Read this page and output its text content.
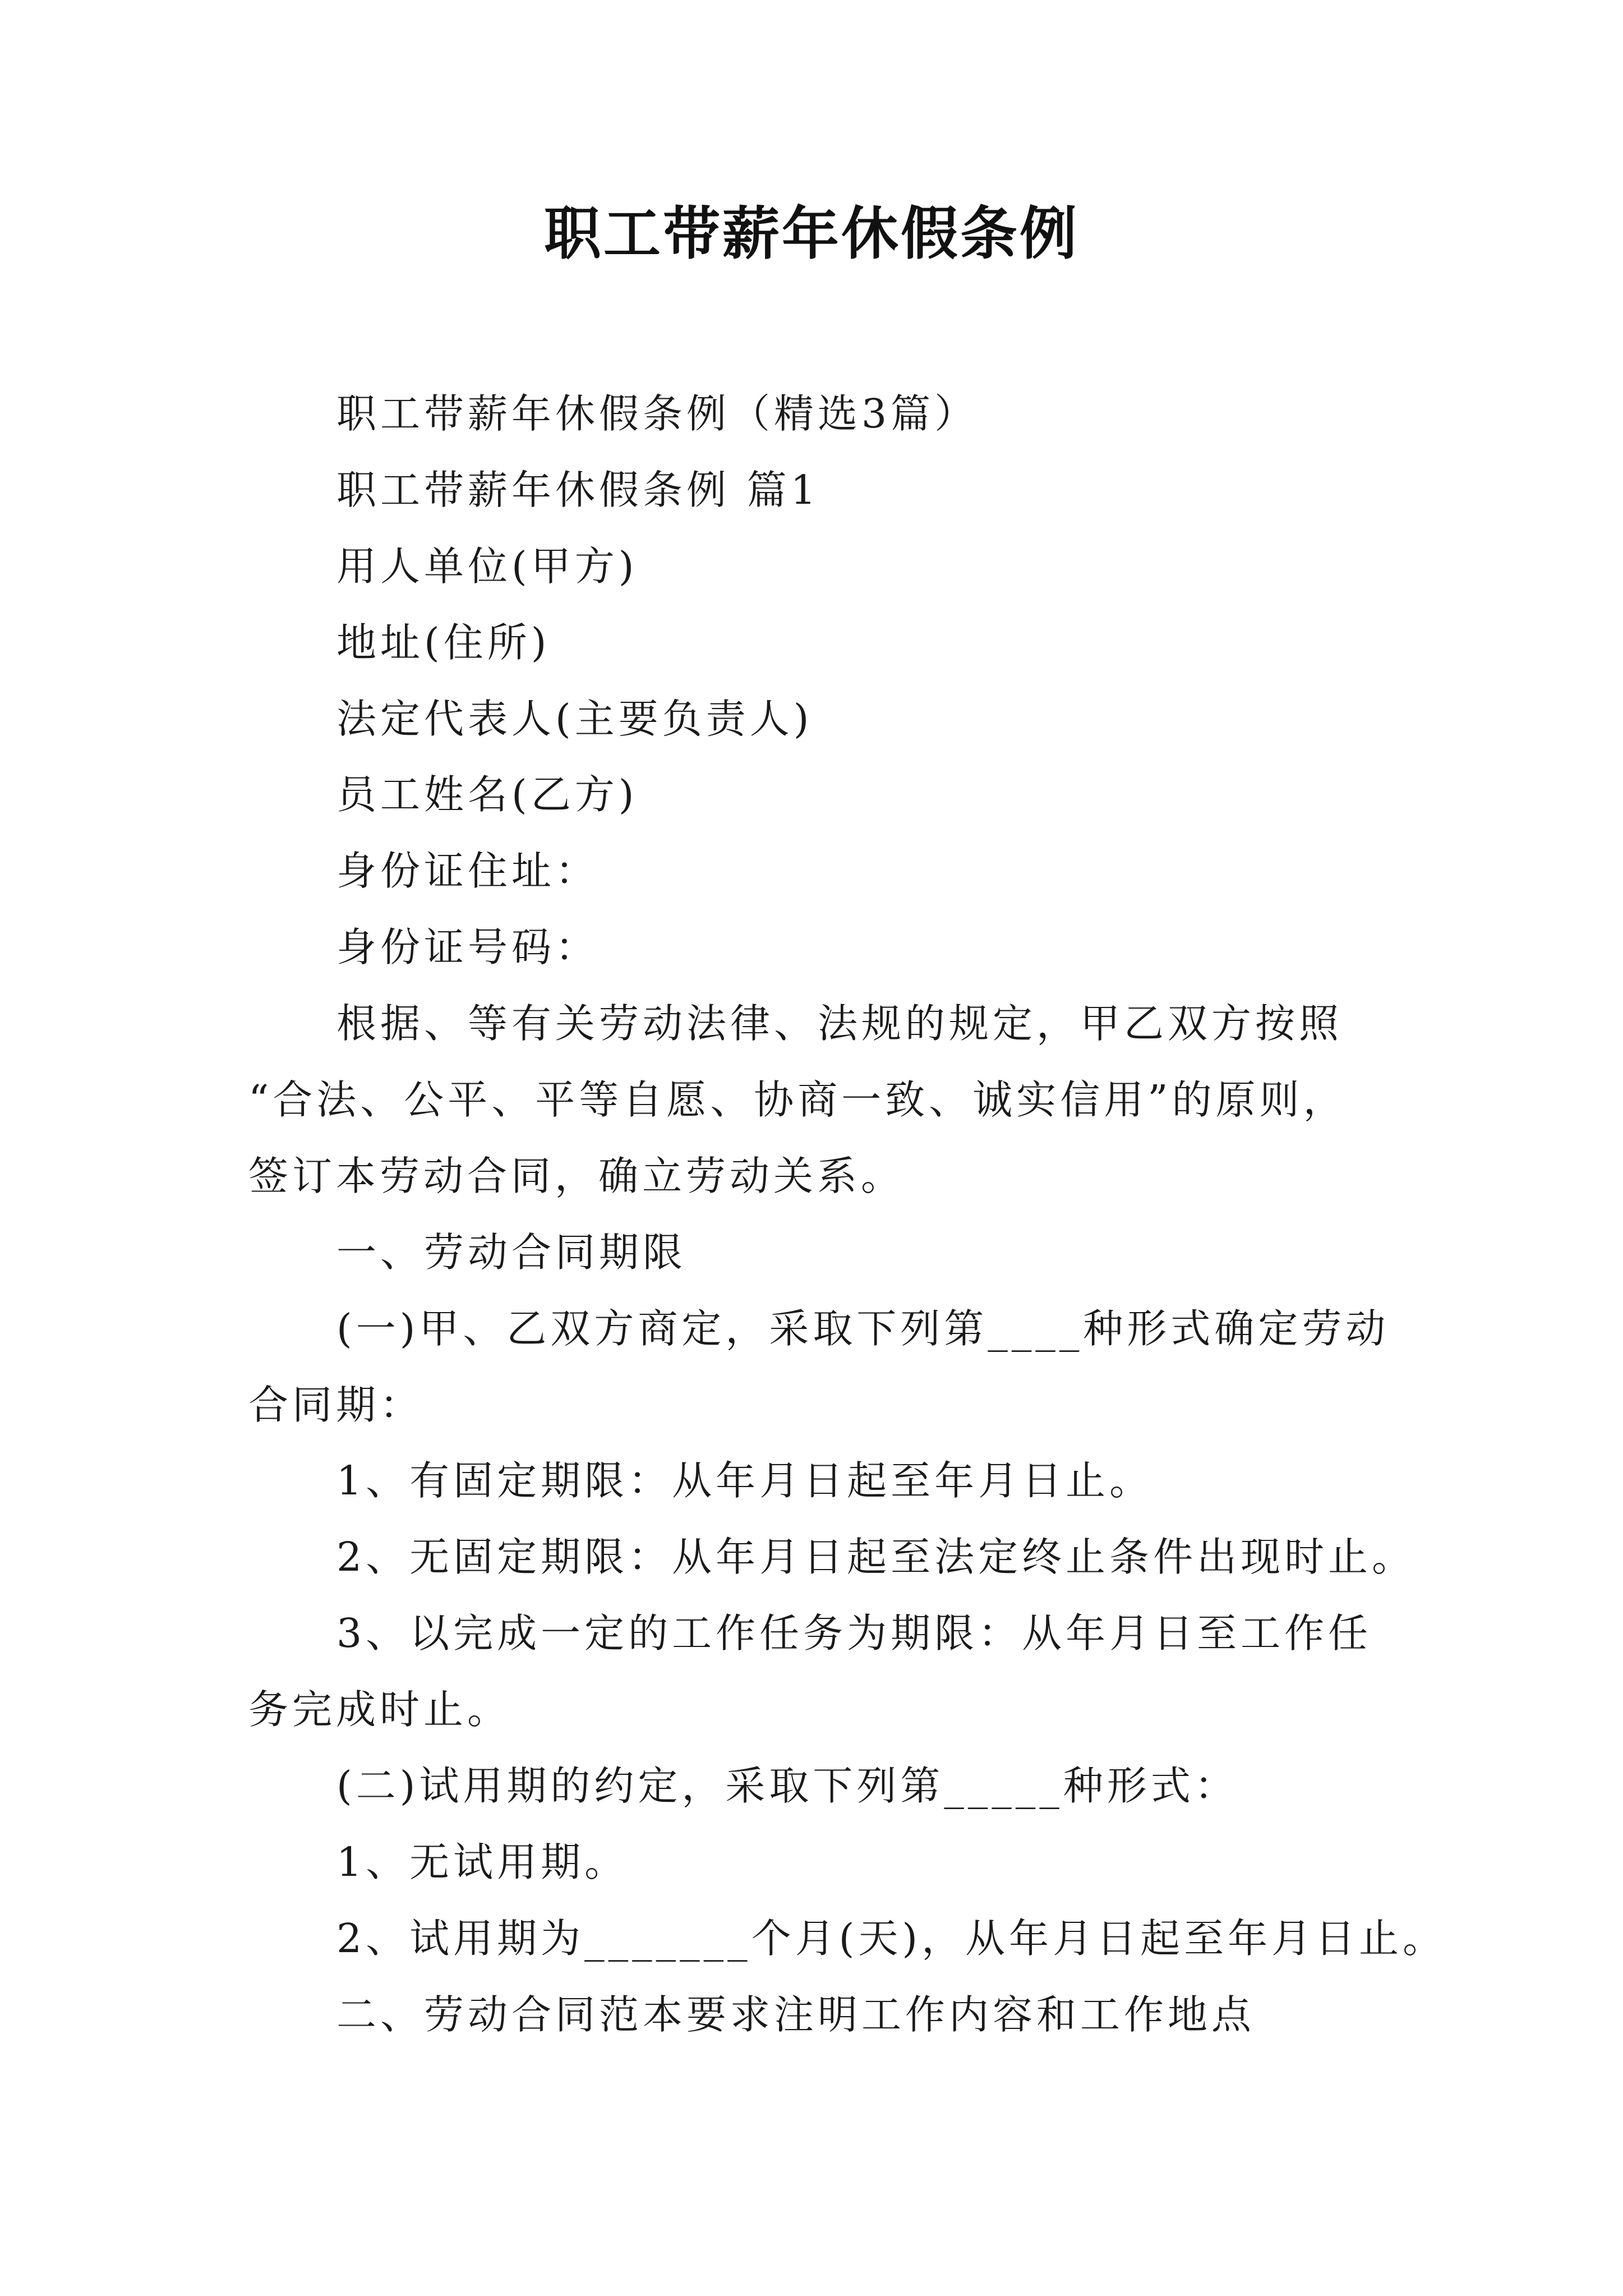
职工带薪年休假条例
职工带薪年休假条例（精选3篇）
职工带薪年休假条例 篇1
用人单位(甲方)
地址(住所)
法定代表人(主要负责人)
员工姓名(乙方)
身份证住址：
身份证号码：
根据、等有关劳动法律、法规的规定，甲乙双方按照
“合法、公平、平等自愿、协商一致、诚实信用”的原则，
签订本劳动合同，确立劳动关系。
一、劳动合同期限
(一)甲、乙双方商定，采取下列第____种形式确定劳动
合同期：
1、有固定期限：从年月日起至年月日止。
2、无固定期限：从年月日起至法定终止条件出现时止。
3、以完成一定的工作任务为期限：从年月日至工作任
务完成时止。
(二)试用期的约定，采取下列第_____种形式：
1、无试用期。
2、试用期为_______个月(天)，从年月日起至年月日止。
二、劳动合同范本要求注明工作内容和工作地点
